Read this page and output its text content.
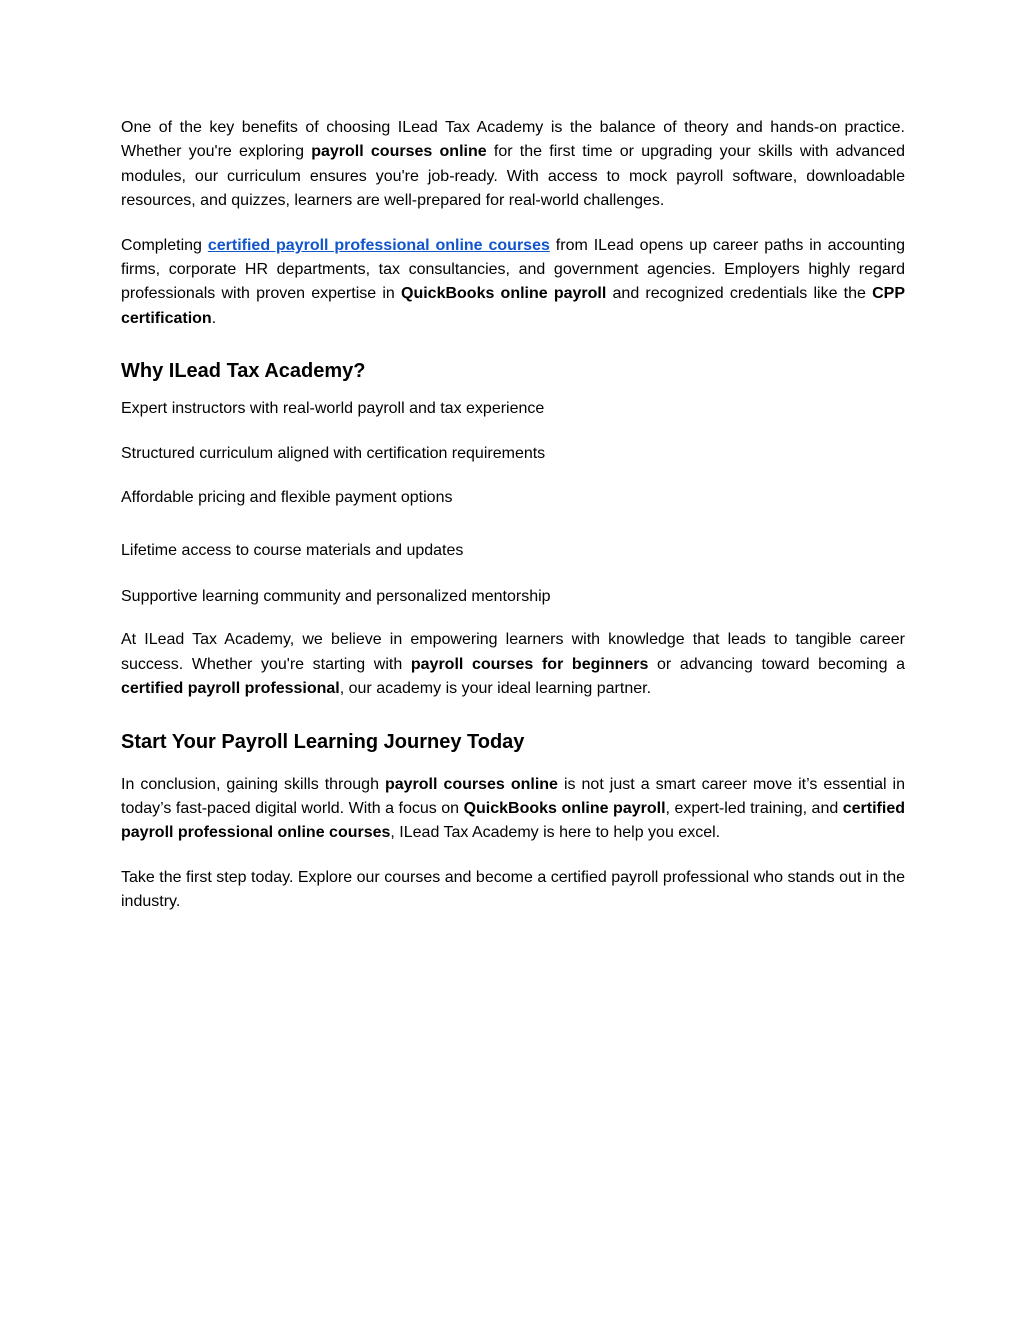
One of the key benefits of choosing ILead Tax Academy is the balance of theory and hands-on practice. Whether you're exploring payroll courses online for the first time or upgrading your skills with advanced modules, our curriculum ensures you're job-ready. With access to mock payroll software, downloadable resources, and quizzes, learners are well-prepared for real-world challenges.

Completing certified payroll professional online courses from ILead opens up career paths in accounting firms, corporate HR departments, tax consultancies, and government agencies. Employers highly regard professionals with proven expertise in QuickBooks online payroll and recognized credentials like the CPP certification.

Why ILead Tax Academy?

Expert instructors with real-world payroll and tax experience

Structured curriculum aligned with certification requirements

Affordable pricing and flexible payment options

Lifetime access to course materials and updates

Supportive learning community and personalized mentorship

At ILead Tax Academy, we believe in empowering learners with knowledge that leads to tangible career success. Whether you're starting with payroll courses for beginners or advancing toward becoming a certified payroll professional, our academy is your ideal learning partner.

Start Your Payroll Learning Journey Today

In conclusion, gaining skills through payroll courses online is not just a smart career move it’s essential in today’s fast-paced digital world. With a focus on QuickBooks online payroll, expert-led training, and certified payroll professional online courses, ILead Tax Academy is here to help you excel.

Take the first step today. Explore our courses and become a certified payroll professional who stands out in the industry.
